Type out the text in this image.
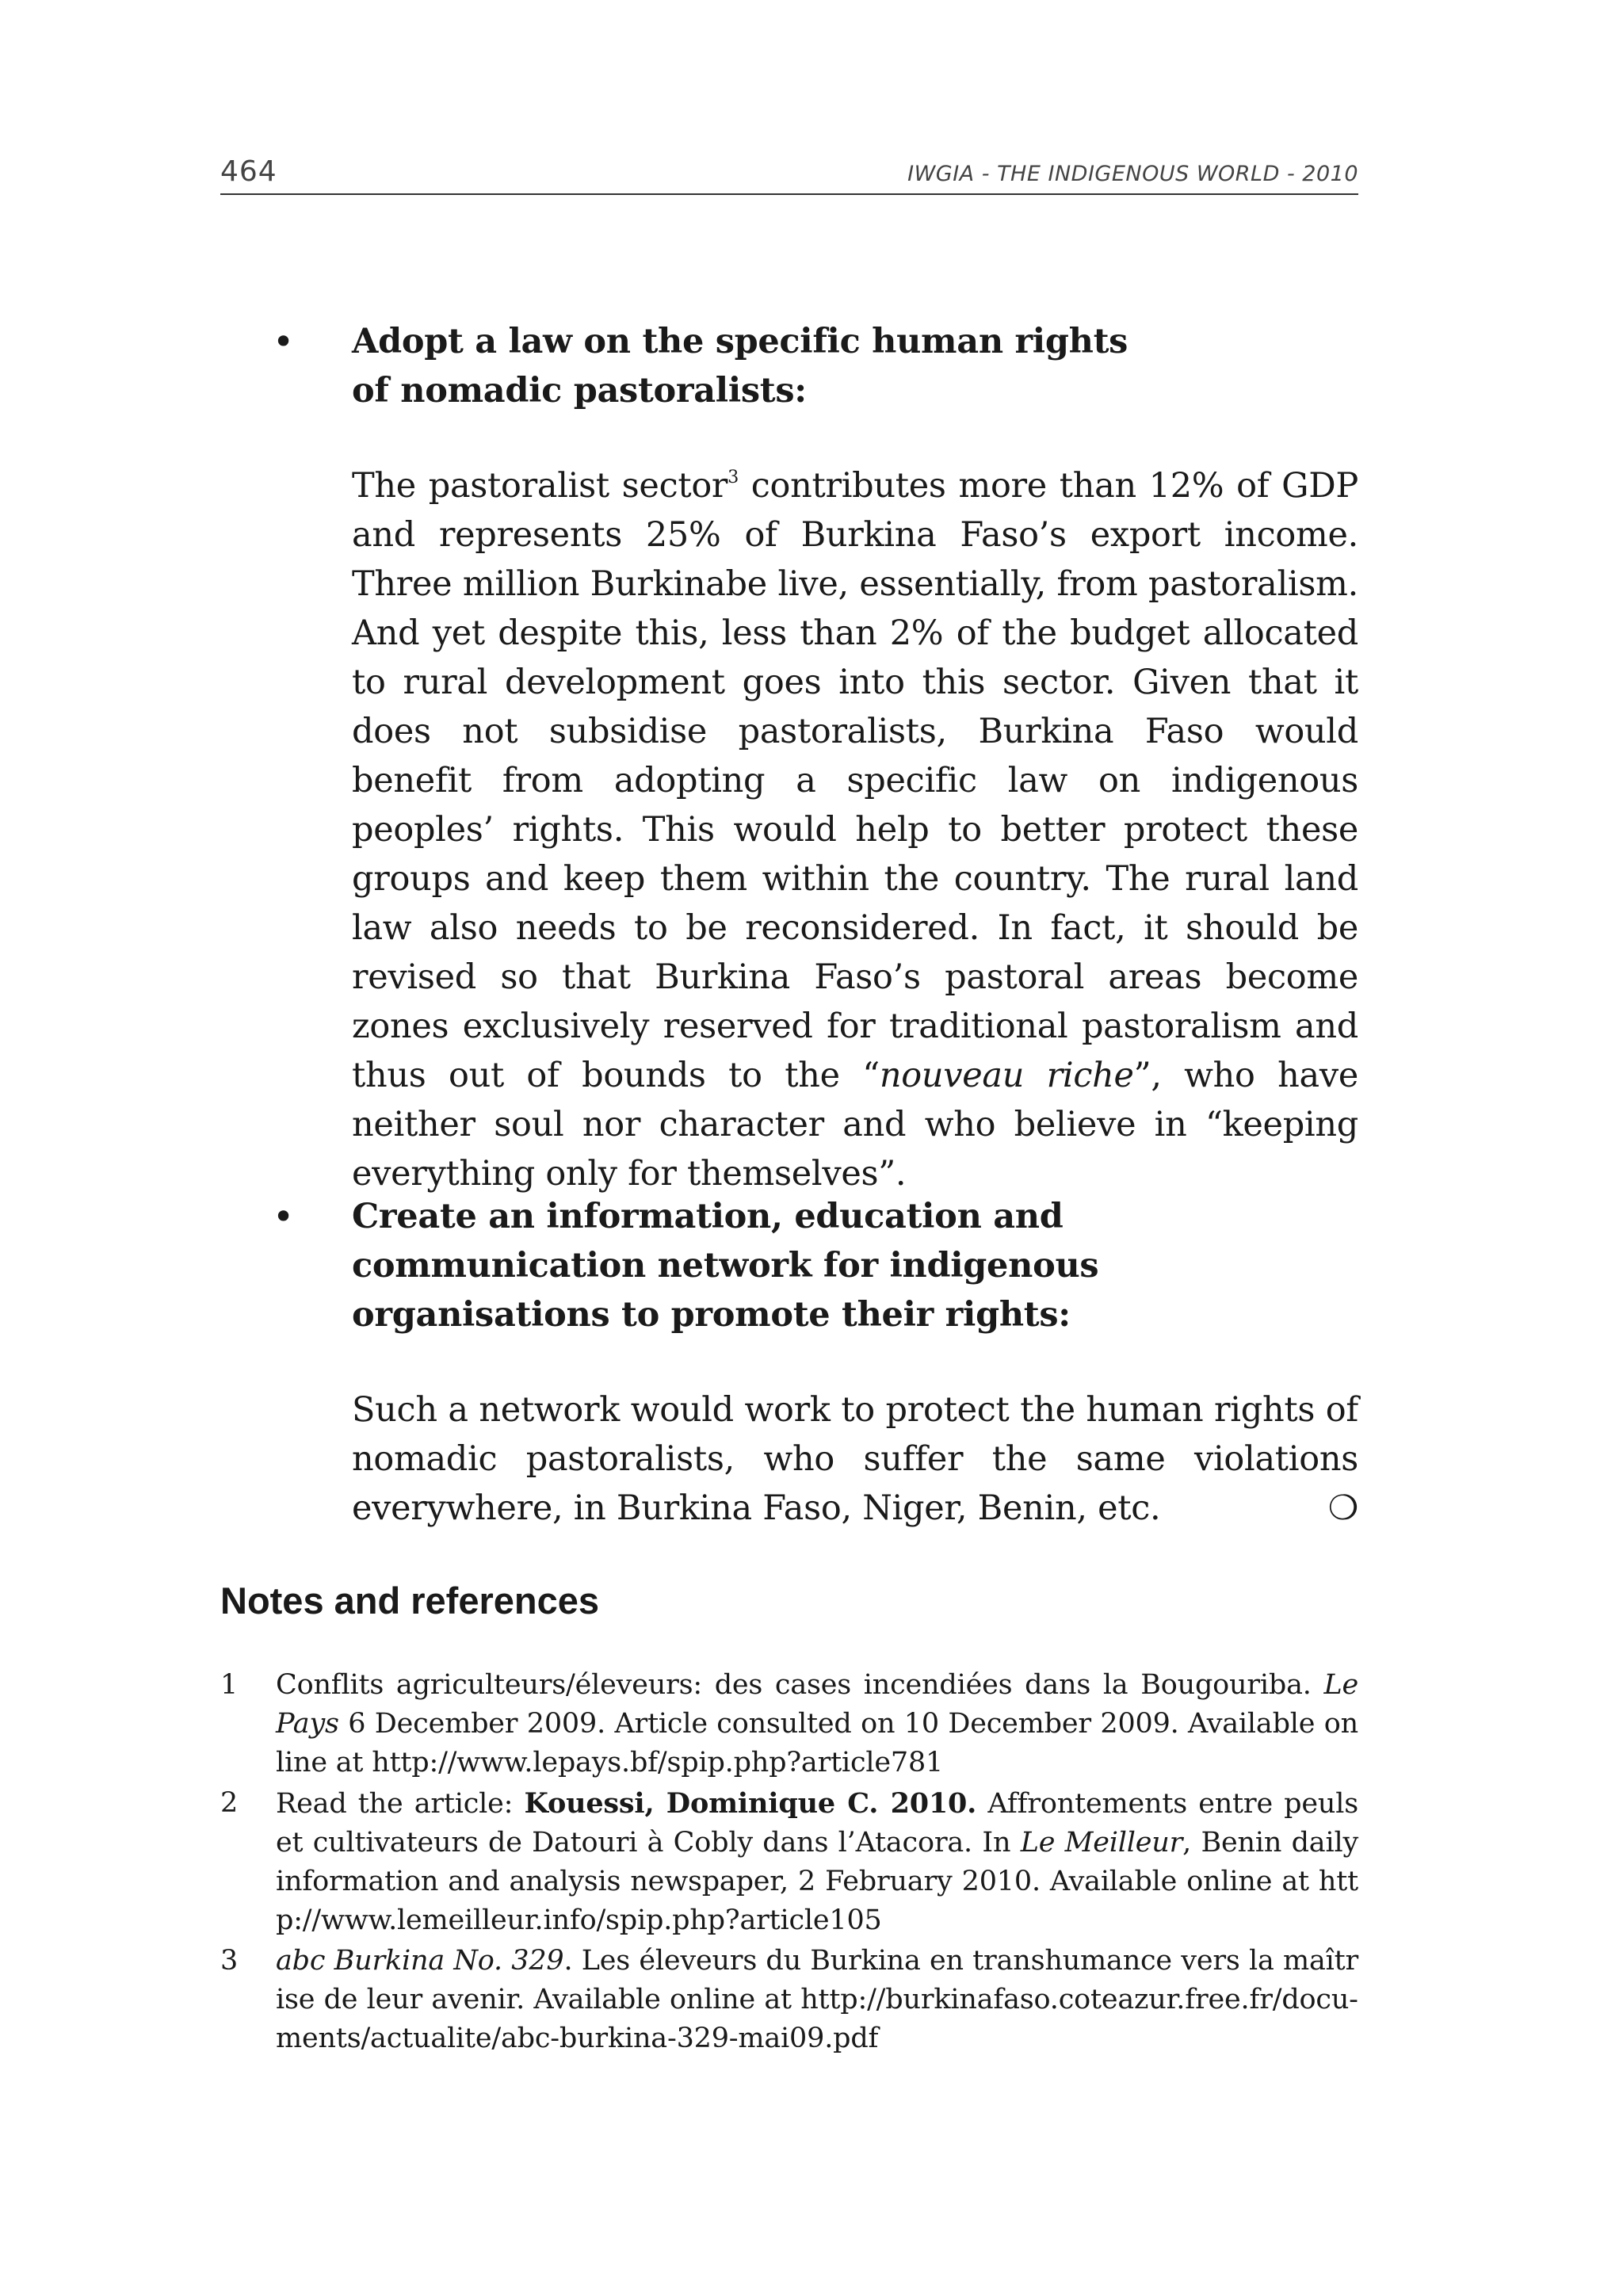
464	IWGIA - THE INDIGENOUS WORLD - 2010
• Adopt a law on the specific human rights of nomadic pastoralists:
The pastoralist sector$^3$ contributes more than 12% of GDP and represents 25% of Burkina Faso’s export income. Three million Burkinabe live, essentially, from pastoralism. And yet despite this, less than 2% of the budget allocated to rural development goes into this sector. Given that it does not subsidise pastoralists, Burkina Faso would benefit from adopting a specific law on indigenous peoples’ rights. This would help to better protect these groups and keep them within the country. The rural land law also needs to be reconsidered. In fact, it should be revised so that Burkina Faso’s pastoral areas become zones exclusively reserved for traditional pastoralism and thus out of bounds to the “nouveau riche”, who have neither soul nor character and who believe in “keeping everything only for themselves”.
• Create an information, education and communication network for indigenous organisations to promote their rights:
Such a network would work to protect the human rights of nomadic pastoralists, who suffer the same violations everywhere, in Burkina Faso, Niger, Benin, etc.	❍
Notes and references
1 Conflits agriculteurs/éleveurs: des cases incendiées dans la Bougouriba. Le Pays 6 December 2009. Article consulted on 10 December 2009. Available online at http://www.lepays.bf/spip.php?article781
2 Read the article: Kouessi, Dominique C. 2010. Affrontements entre peuls et cultivateurs de Datouri à Cobly dans l’Atacora. In Le Meilleur, Benin daily information and analysis newspaper, 2 February 2010. Available online at http://www.lemeilleur.info/spip.php?article105
3 abc Burkina No. 329. Les éleveurs du Burkina en transhumance vers la maîtrise de leur avenir. Available online at http://burkinafaso.coteazur.free.fr/documents/actualite/abc-burkina-329-mai09.pdf
